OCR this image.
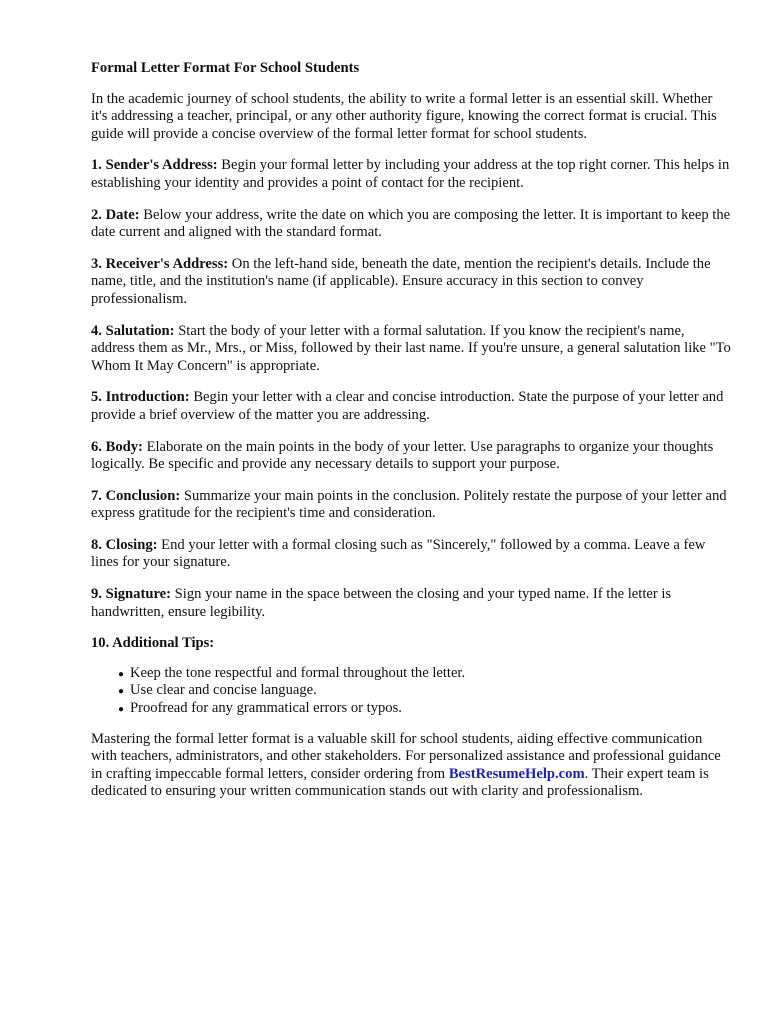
Formal Letter Format For School Students

In the academic journey of school students, the ability to write a formal letter is an essential skill. Whether it's addressing a teacher, principal, or any other authority figure, knowing the correct format is crucial. This guide will provide a concise overview of the formal letter format for school students.

1. Sender's Address: Begin your formal letter by including your address at the top right corner. This helps in establishing your identity and provides a point of contact for the recipient.

2. Date: Below your address, write the date on which you are composing the letter. It is important to keep the date current and aligned with the standard format.

3. Receiver's Address: On the left-hand side, beneath the date, mention the recipient's details. Include the name, title, and the institution's name (if applicable). Ensure accuracy in this section to convey professionalism.

4. Salutation: Start the body of your letter with a formal salutation. If you know the recipient's name, address them as Mr., Mrs., or Miss, followed by their last name. If you're unsure, a general salutation like "To Whom It May Concern" is appropriate.

5. Introduction: Begin your letter with a clear and concise introduction. State the purpose of your letter and provide a brief overview of the matter you are addressing.

6. Body: Elaborate on the main points in the body of your letter. Use paragraphs to organize your thoughts logically. Be specific and provide any necessary details to support your purpose.

7. Conclusion: Summarize your main points in the conclusion. Politely restate the purpose of your letter and express gratitude for the recipient's time and consideration.

8. Closing: End your letter with a formal closing such as "Sincerely," followed by a comma. Leave a few lines for your signature.

9. Signature: Sign your name in the space between the closing and your typed name. If the letter is handwritten, ensure legibility.

10. Additional Tips:
● Keep the tone respectful and formal throughout the letter.
● Use clear and concise language.
● Proofread for any grammatical errors or typos.

Mastering the formal letter format is a valuable skill for school students, aiding effective communication with teachers, administrators, and other stakeholders. For personalized assistance and professional guidance in crafting impeccable formal letters, consider ordering from BestResumeHelp.com. Their expert team is dedicated to ensuring your written communication stands out with clarity and professionalism.
